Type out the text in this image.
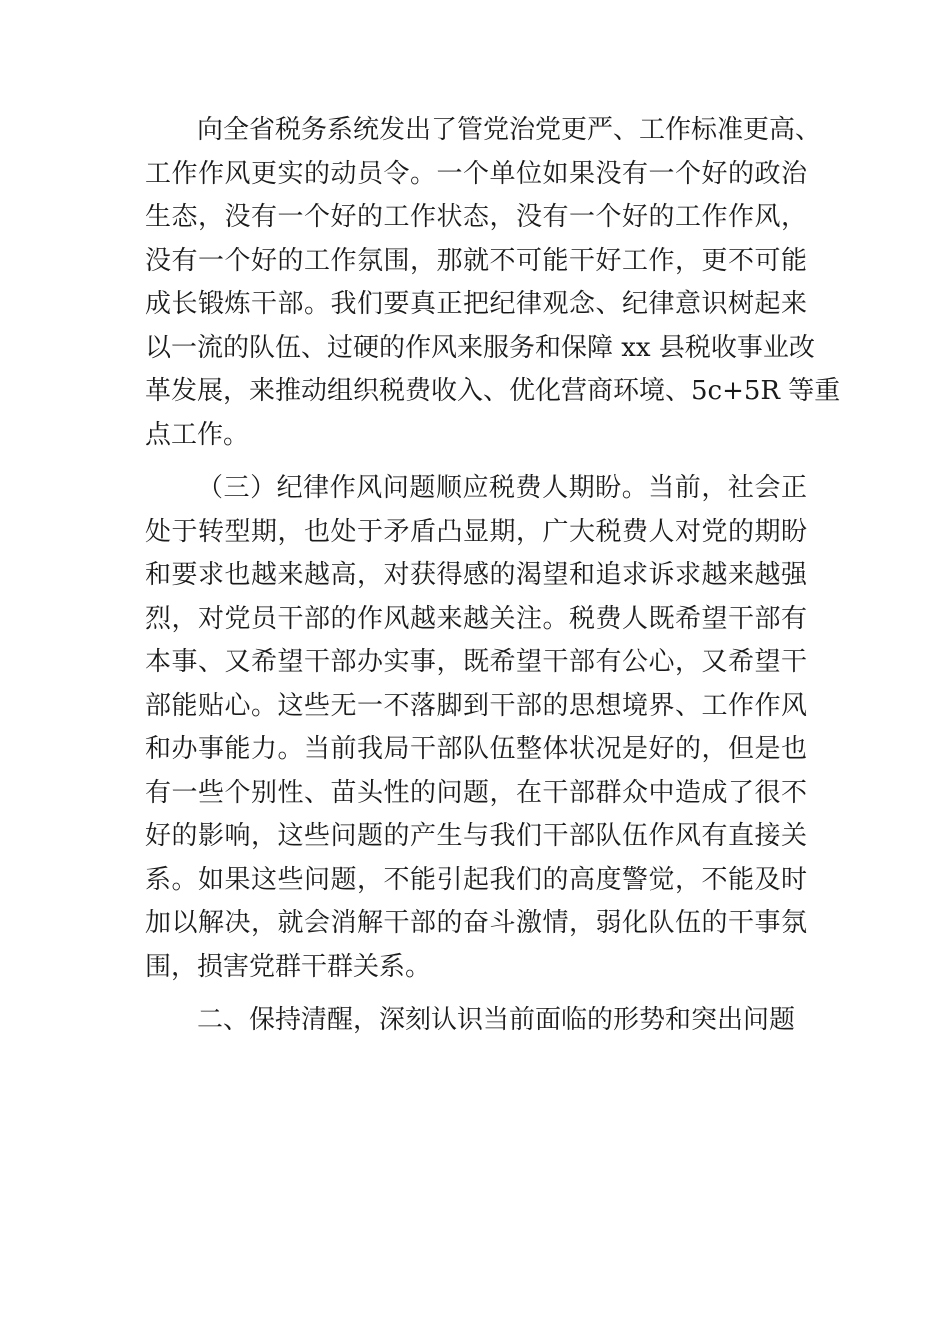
向全省税务系统发出了管党治党更严、工作标准更高、
工作作风更实的动员令。一个单位如果没有一个好的政治
生态，没有一个好的工作状态，没有一个好的工作作风，
没有一个好的工作氛围，那就不可能干好工作，更不可能
成长锻炼干部。我们要真正把纪律观念、纪律意识树起来
以一流的队伍、过硬的作风来服务和保障 xx 县税收事业改
革发展，来推动组织税费收入、优化营商环境、5c+5R 等重
点工作。
（三）纪律作风问题顺应税费人期盼。当前，社会正
处于转型期，也处于矛盾凸显期，广大税费人对党的期盼
和要求也越来越高，对获得感的渴望和追求诉求越来越强
烈，对党员干部的作风越来越关注。税费人既希望干部有
本事、又希望干部办实事，既希望干部有公心，又希望干
部能贴心。这些无一不落脚到干部的思想境界、工作作风
和办事能力。当前我局干部队伍整体状况是好的，但是也
有一些个别性、苗头性的问题，在干部群众中造成了很不
好的影响，这些问题的产生与我们干部队伍作风有直接关
系。如果这些问题，不能引起我们的高度警觉，不能及时
加以解决，就会消解干部的奋斗激情，弱化队伍的干事氛
围，损害党群干群关系。
二、保持清醒，深刻认识当前面临的形势和突出问题
